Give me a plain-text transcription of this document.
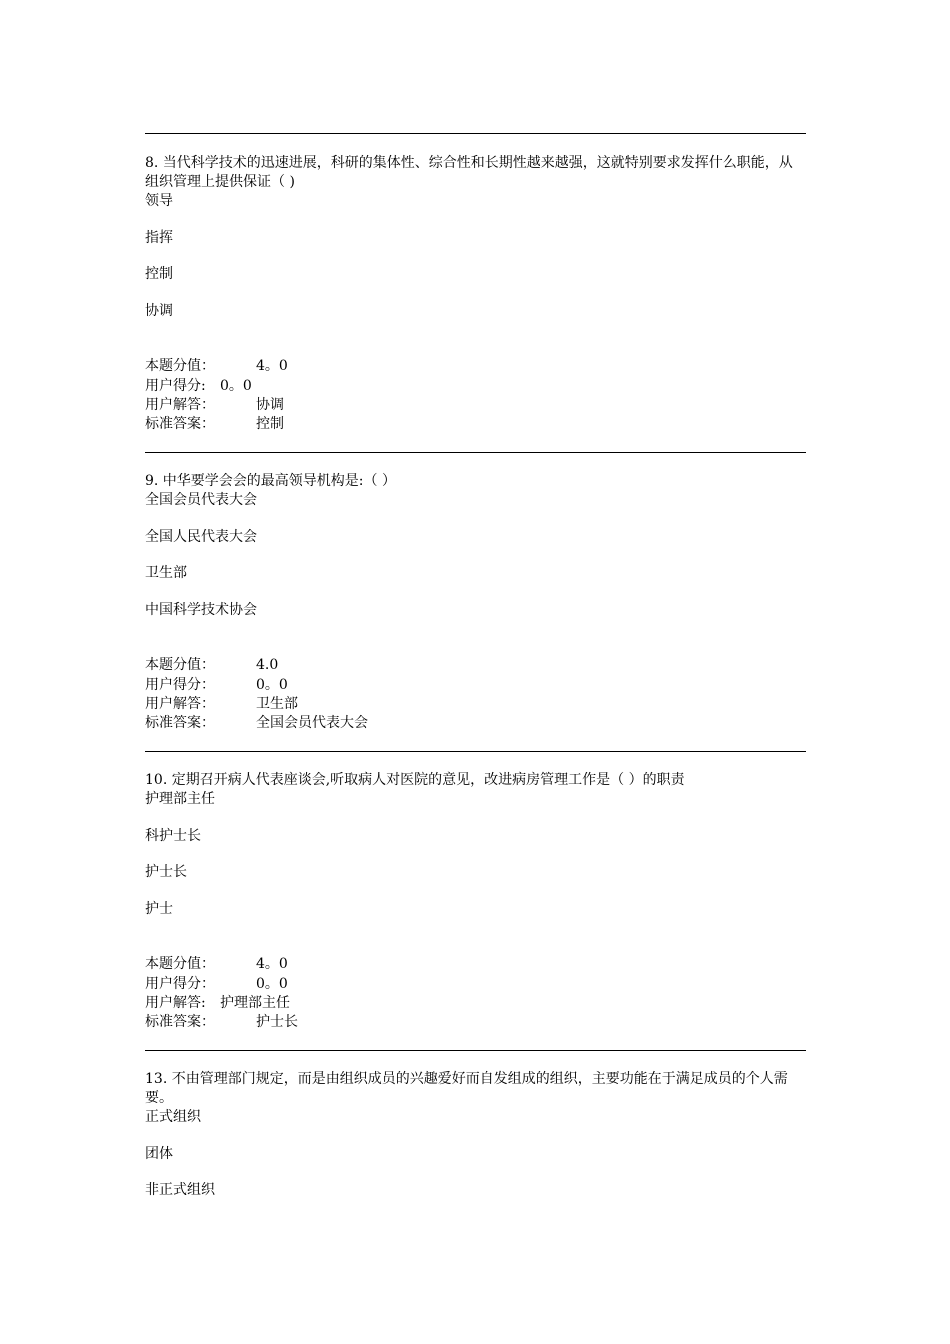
8. 当代科学技术的迅速进展，科研的集体性、综合性和长期性越来越强，这就特别要求发挥什么职能，从组织管理上提供保证（ )
领导
指挥
控制
协调
本题分值：	4。0
用户得分: 0。0
用户解答：	协调
标准答案：	控制
9. 中华要学会会的最高领导机构是:（ ）
全国会员代表大会
全国人民代表大会
卫生部
中国科学技术协会
本题分值：	4.0
用户得分：	0。0
用户解答：	卫生部
标准答案：	全国会员代表大会
10. 定期召开病人代表座谈会,听取病人对医院的意见，改进病房管理工作是（ ）的职责
护理部主任
科护士长
护士长
护士
本题分值：	4。0
用户得分：	0。0
用户解答: 护理部主任
标准答案：	护士长
13. 不由管理部门规定，而是由组织成员的兴趣爱好而自发组成的组织，主要功能在于满足成员的个人需要。
正式组织
团体
非正式组织
